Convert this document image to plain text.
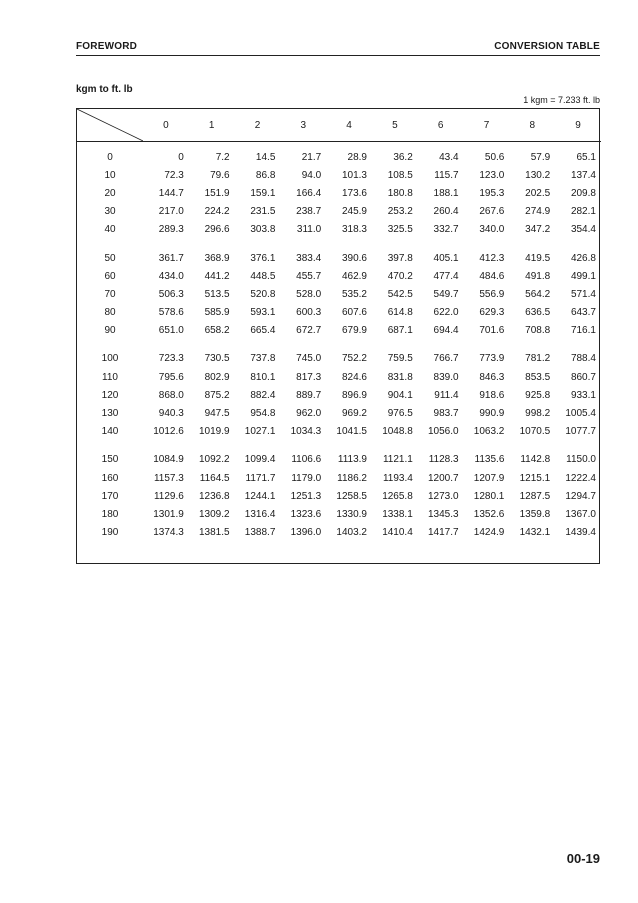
FOREWORD	CONVERSION TABLE
kgm to ft. lb
1 kgm = 7.233 ft. lb
	0	1	2	3	4	5	6	7	8	9
0	0	7.2	14.5	21.7	28.9	36.2	43.4	50.6	57.9	65.1
10	72.3	79.6	86.8	94.0	101.3	108.5	115.7	123.0	130.2	137.4
20	144.7	151.9	159.1	166.4	173.6	180.8	188.1	195.3	202.5	209.8
30	217.0	224.2	231.5	238.7	245.9	253.2	260.4	267.6	274.9	282.1
40	289.3	296.6	303.8	311.0	318.3	325.5	332.7	340.0	347.2	354.4

50	361.7	368.9	376.1	383.4	390.6	397.8	405.1	412.3	419.5	426.8
60	434.0	441.2	448.5	455.7	462.9	470.2	477.4	484.6	491.8	499.1
70	506.3	513.5	520.8	528.0	535.2	542.5	549.7	556.9	564.2	571.4
80	578.6	585.9	593.1	600.3	607.6	614.8	622.0	629.3	636.5	643.7
90	651.0	658.2	665.4	672.7	679.9	687.1	694.4	701.6	708.8	716.1

100	723.3	730.5	737.8	745.0	752.2	759.5	766.7	773.9	781.2	788.4
110	795.6	802.9	810.1	817.3	824.6	831.8	839.0	846.3	853.5	860.7
120	868.0	875.2	882.4	889.7	896.9	904.1	911.4	918.6	925.8	933.1
130	940.3	947.5	954.8	962.0	969.2	976.5	983.7	990.9	998.2	1005.4
140	1012.6	1019.9	1027.1	1034.3	1041.5	1048.8	1056.0	1063.2	1070.5	1077.7

150	1084.9	1092.2	1099.4	1106.6	1113.9	1121.1	1128.3	1135.6	1142.8	1150.0
160	1157.3	1164.5	1171.7	1179.0	1186.2	1193.4	1200.7	1207.9	1215.1	1222.4
170	1129.6	1236.8	1244.1	1251.3	1258.5	1265.8	1273.0	1280.1	1287.5	1294.7
180	1301.9	1309.2	1316.4	1323.6	1330.9	1338.1	1345.3	1352.6	1359.8	1367.0
190	1374.3	1381.5	1388.7	1396.0	1403.2	1410.4	1417.7	1424.9	1432.1	1439.4
00-19
